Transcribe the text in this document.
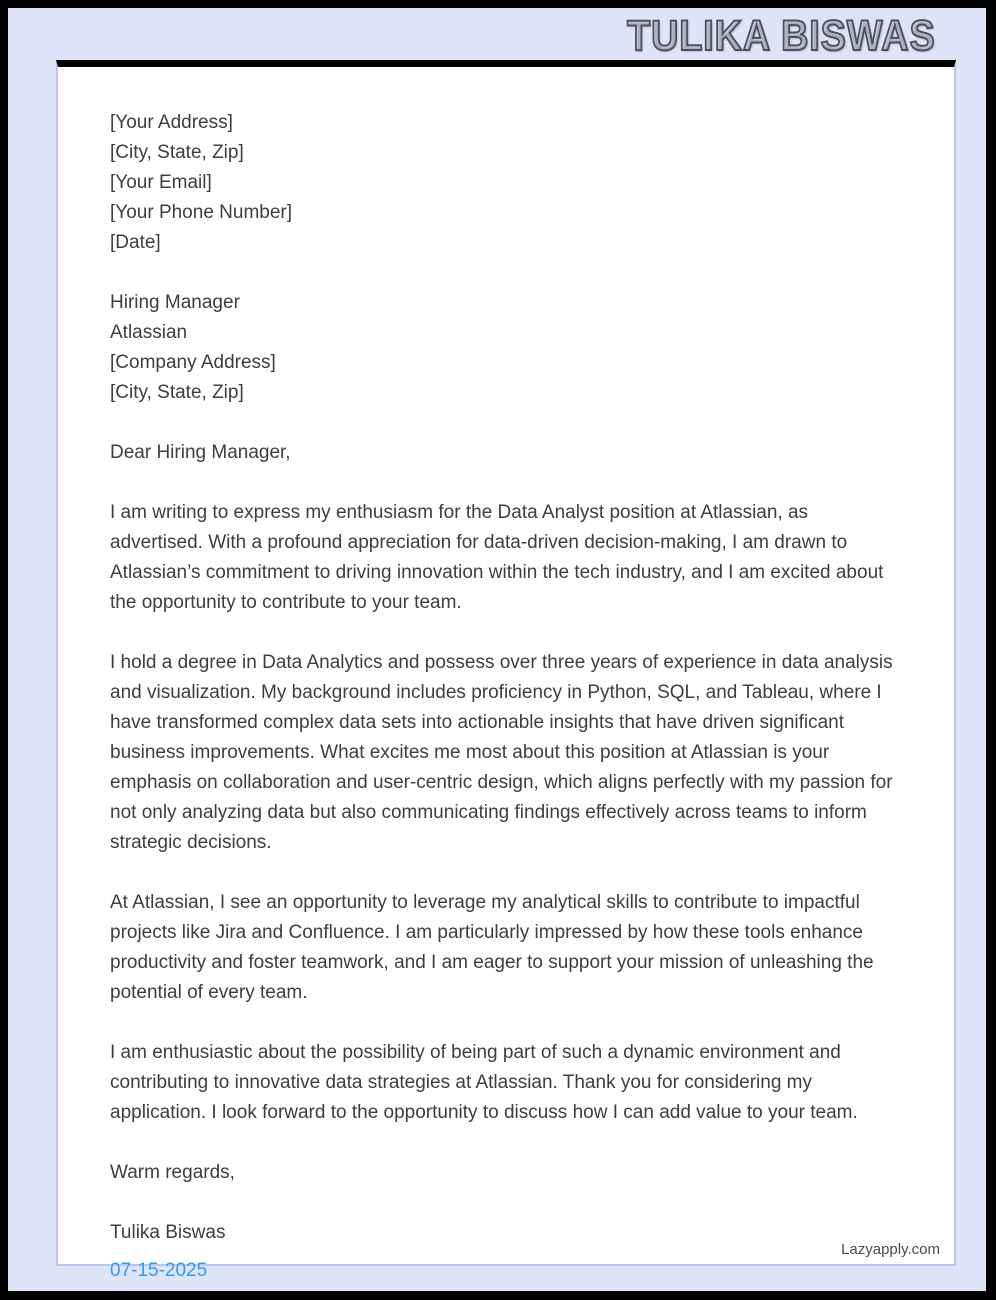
TULIKA BISWAS
[Your Address]
[City, State, Zip]
[Your Email]
[Your Phone Number]
[Date]
Hiring Manager
Atlassian
[Company Address]
[City, State, Zip]
Dear Hiring Manager,
I am writing to express my enthusiasm for the Data Analyst position at Atlassian, as advertised. With a profound appreciation for data-driven decision-making, I am drawn to Atlassian’s commitment to driving innovation within the tech industry, and I am excited about the opportunity to contribute to your team.
I hold a degree in Data Analytics and possess over three years of experience in data analysis and visualization. My background includes proficiency in Python, SQL, and Tableau, where I have transformed complex data sets into actionable insights that have driven significant business improvements. What excites me most about this position at Atlassian is your emphasis on collaboration and user-centric design, which aligns perfectly with my passion for not only analyzing data but also communicating findings effectively across teams to inform strategic decisions.
At Atlassian, I see an opportunity to leverage my analytical skills to contribute to impactful projects like Jira and Confluence. I am particularly impressed by how these tools enhance productivity and foster teamwork, and I am eager to support your mission of unleashing the potential of every team.
I am enthusiastic about the possibility of being part of such a dynamic environment and contributing to innovative data strategies at Atlassian. Thank you for considering my application. I look forward to the opportunity to discuss how I can add value to your team.
Warm regards,
Tulika Biswas
07-15-2025
Lazyapply.com
